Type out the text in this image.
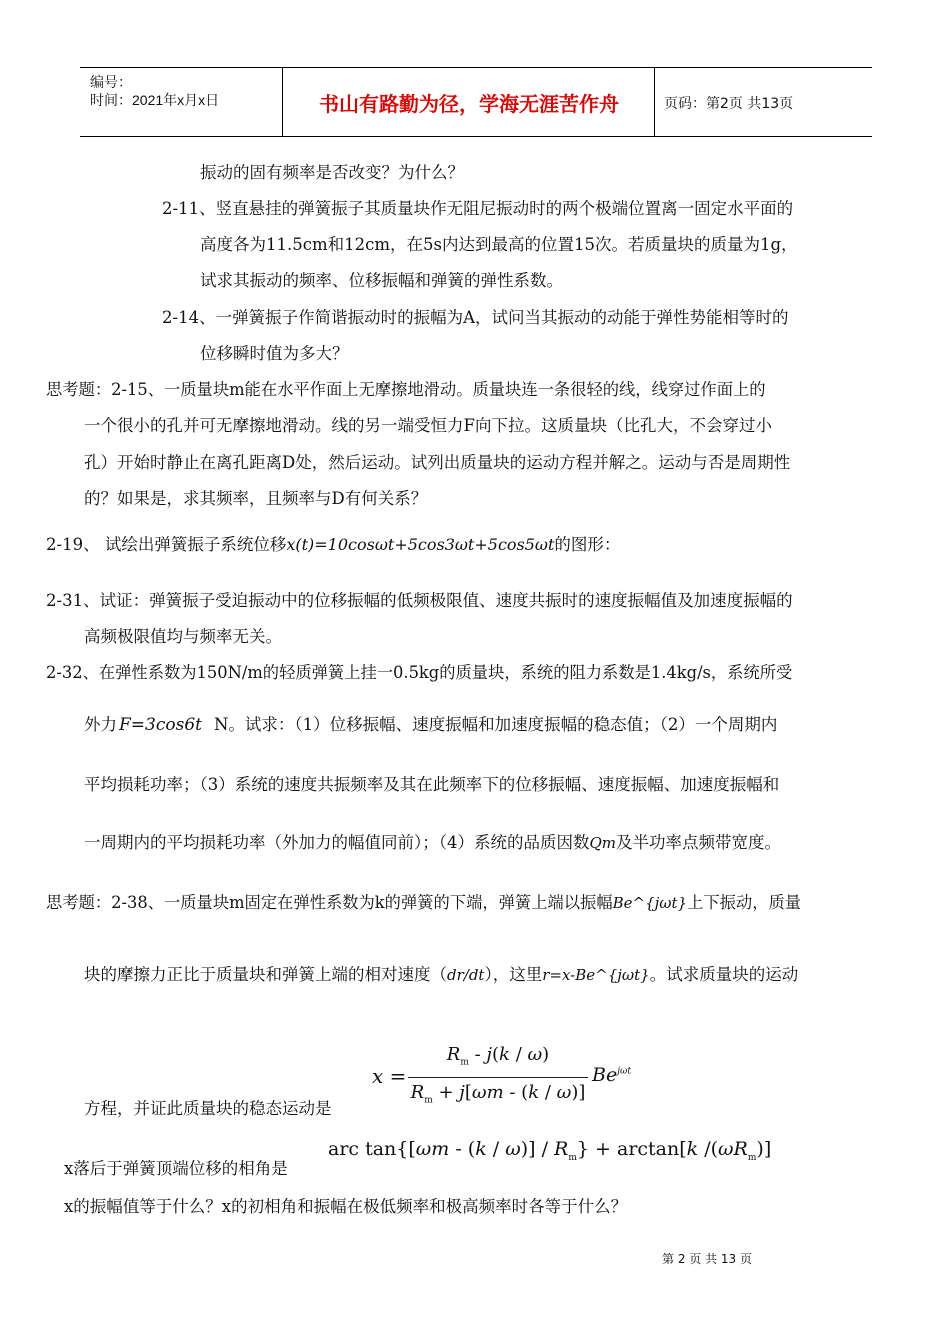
编号：
时间：2021年x月x日	书山有路勤为径，学海无涯苦作舟	页码：第2页 共13页
振动的固有频率是否改变？为什么？
2-11、竖直悬挂的弹簧振子其质量块作无阻尼振动时的两个极端位置离一固定水平面的
高度各为11.5cm和12cm，在5s内达到最高的位置15次。若质量块的质量为1g，
试求其振动的频率、位移振幅和弹簧的弹性系数。
2-14、一弹簧振子作简谐振动时的振幅为A，试问当其振动的动能于弹性势能相等时的
位移瞬时值为多大？
思考题：2-15、一质量块m能在水平作面上无摩擦地滑动。质量块连一条很轻的线，线穿过作面上的
一个很小的孔并可无摩擦地滑动。线的另一端受恒力F向下拉。这质量块（比孔大，不会穿过小
孔）开始时静止在离孔距离D处，然后运动。试列出质量块的运动方程并解之。运动与否是周期性
的？如果是，求其频率，且频率与D有何关系？
2-19、 试绘出弹簧振子系统位移x(t)=10cosωt+5cos3ωt+5cos5ωt的图形：
2-31、试证：弹簧振子受迫振动中的位移振幅的低频极限值、速度共振时的速度振幅值及加速度振幅的
高频极限值均与频率无关。
2-32、在弹性系数为150N/m的轻质弹簧上挂一0.5kg的质量块，系统的阻力系数是1.4kg/s，系统所受
外力 F=3cos6t N。试求：（1）位移振幅、速度振幅和加速度振幅的稳态值；（2）一个周期内
平均损耗功率；（3）系统的速度共振频率及其在此频率下的位移振幅、速度振幅、加速度振幅和
一周期内的平均损耗功率（外加力的幅值同前）；（4）系统的品质因数Qm及半功率点频带宽度。
思考题：2-38、一质量块m固定在弹性系数为k的弹簧的下端，弹簧上端以振幅Be^{jωt}上下振动，质量
块的摩擦力正比于质量块和弹簧上端的相对速度（dr/dt），这里r=x-Be^{jωt}。试求质量块的运动
方程，并证此质量块的稳态运动是
x =
$R_m - j(k / \omega)$
$R_m + j[\omega m - (k / \omega)]$
$Be^{j\omega t}$
x落后于弹簧顶端位移的相角是
arc $\tan\{[\omega m - (k / \omega)] / R_m\} + \arctan[k$ $/(\omega R_m)$]
x的振幅值等于什么？x的初相角和振幅在极低频率和极高频率时各等于什么？
第 2 页 共 13 页
